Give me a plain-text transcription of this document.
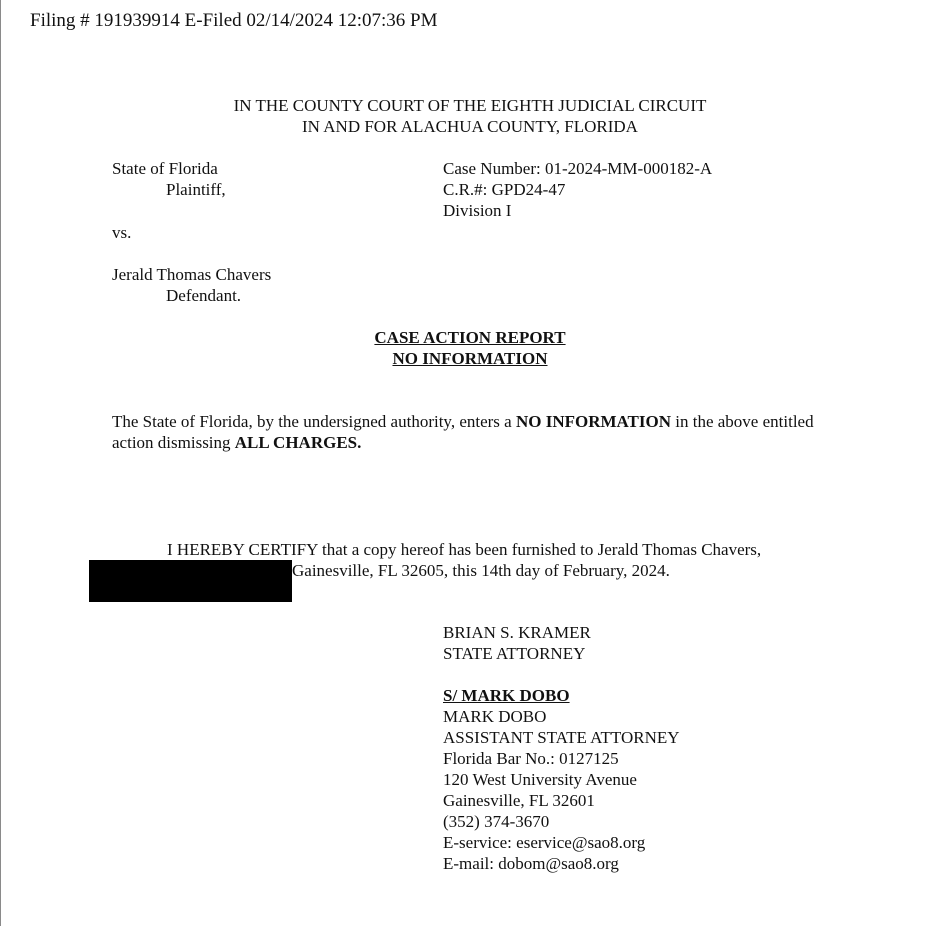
Filing # 191939914 E-Filed 02/14/2024 12:07:36 PM
IN THE COUNTY COURT OF THE EIGHTH JUDICIAL CIRCUIT
IN AND FOR ALACHUA COUNTY, FLORIDA
State of Florida
Plaintiff,
Case Number: 01-2024-MM-000182-A
C.R.#: GPD24-47
Division I
vs.
Jerald Thomas Chavers
Defendant.
CASE ACTION REPORT
NO INFORMATION
The State of Florida, by the undersigned authority, enters a NO INFORMATION in the above entitled action dismissing ALL CHARGES.
I HEREBY CERTIFY that a copy hereof has been furnished to Jerald Thomas Chavers,
Gainesville, FL 32605, this 14th day of February, 2024.
BRIAN S. KRAMER
STATE ATTORNEY
S/ MARK DOBO
MARK DOBO
ASSISTANT STATE ATTORNEY
Florida Bar No.: 0127125
120 West University Avenue
Gainesville, FL 32601
(352) 374-3670
E-service: eservice@sao8.org
E-mail: dobom@sao8.org
